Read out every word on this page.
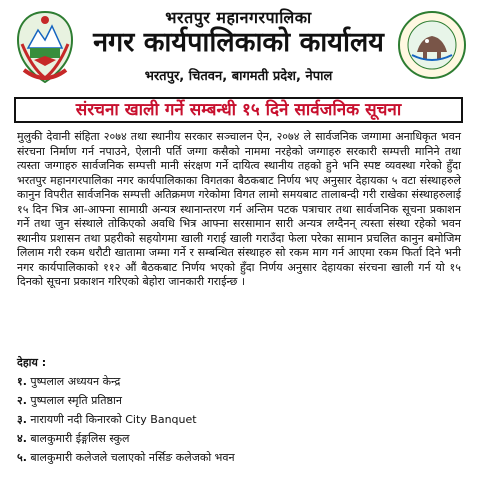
भरतपुर महानगरपालिका
नगर कार्यपालिकाको कार्यालय
भरतपुर, चितवन, बागमती प्रदेश, नेपाल
संरचना खाली गर्ने सम्बन्धी १५ दिने सार्वजनिक सूचना
मुलुकी देवानी संहिता २०७४ तथा स्थानीय सरकार सञ्चालन ऐन, २०७४ ले सार्वजनिक जग्गामा अनाधिकृत भवन संरचना निर्माण गर्न नपाउने, ऐलानी पर्ति जग्गा कसैको नाममा नरहेको जग्गाहरु सरकारी सम्पत्ती मानिने तथा त्यस्ता जग्गाहरु सार्वजनिक सम्पत्ती मानी संरक्षण गर्ने दायित्व स्थानीय तहको हुने भनि स्पष्ट व्यवस्था गरेको हुँदा भरतपुर महानगरपालिका नगर कार्यपालिकाका विगतका बैठकबाट निर्णय भए अनुसार देहायका ५ वटा संस्थाहरुले कानुन विपरीत सार्वजनिक सम्पत्ती अतिक्रमण गरेकोमा विगत लामो समयबाट तालाबन्दी गरी राखेका संस्थाहरुलाई १५ दिन भित्र आ-आफ्ना सामाग्री अन्यत्र स्थानान्तरण गर्न अन्तिम पटक पत्राचार तथा सार्वजनिक सूचना प्रकाशन गर्ने तथा जुन संस्थाले तोकिएको अवधि भित्र आफ्ना सरसामान सारी अन्यत्र लग्दैनन् त्यस्ता संस्था रहेको भवन स्थानीय प्रशासन तथा प्रहरीको सहयोगमा खाली गराई खाली गराउँदा फेला परेका सामान प्रचलित कानुन बमोजिम लिलाम गरी रकम धरौटी खातामा जम्मा गर्ने र सम्बन्धित संस्थाहरु सो रकम माग गर्न आएमा रकम फिर्ता दिने भनी नगर कार्यपालिकाको ११२ औं बैठकबाट निर्णय भएको हुँदा निर्णय अनुसार देहायका संरचना खाली गर्न यो १५ दिनको सूचना प्रकाशन गरिएको बेहोरा जानकारी गराईन्छ ।
देहाय :
१. पुष्पलाल अध्ययन केन्द्र
२. पुष्पलाल स्मृति प्रतिष्ठान
३. नारायणी नदी किनारको City Banquet
४. बालकुमारी ईङ्गलिस स्कुल
५. बालकुमारी कलेजले चलाएको नर्सिङ कलेजको भवन
